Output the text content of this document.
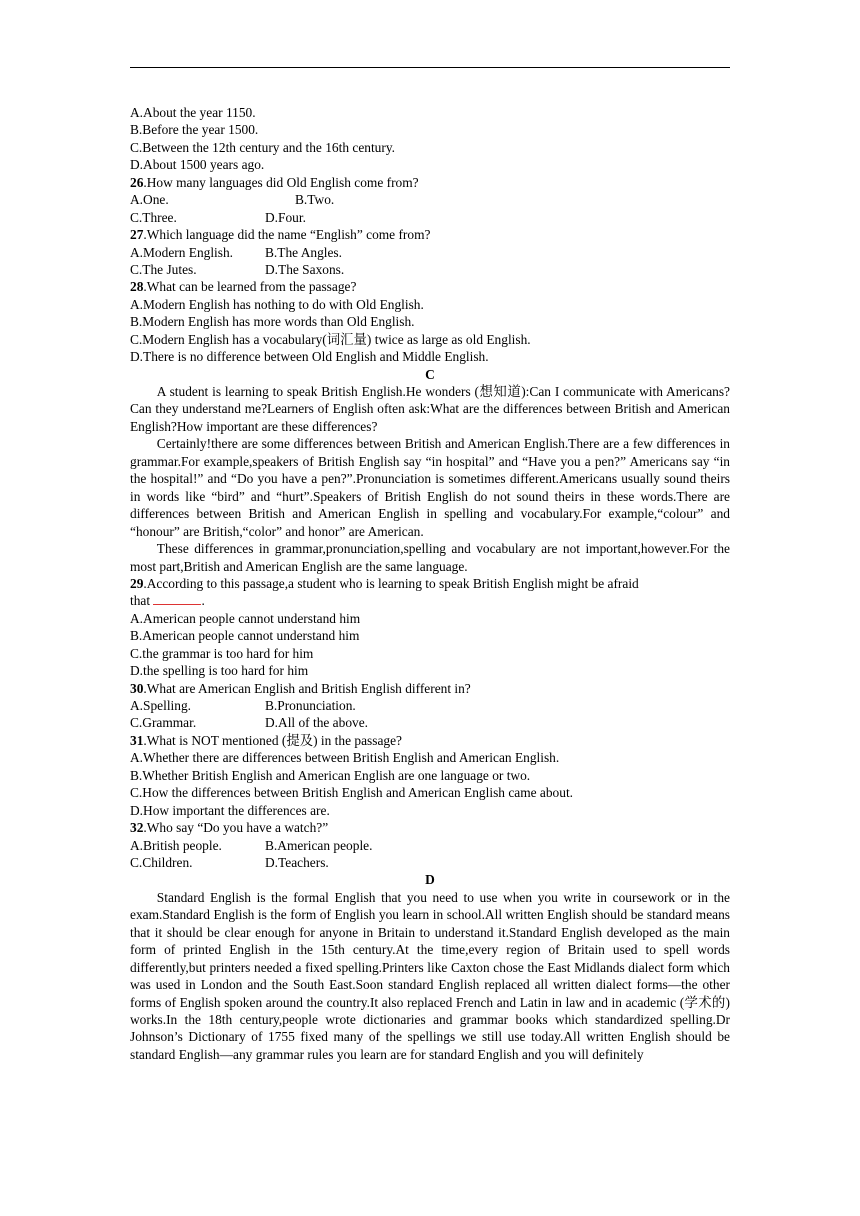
A.About the year 1150.
B.Before the year 1500.
C.Between the 12th century and the 16th century.
D.About 1500 years ago.
26.How many languages did Old English come from?
A.One.	B.Two.
C.Three.	D.Four.
27.Which language did the name “English” come from?
A.Modern English. B.The Angles.
C.The Jutes.	D.The Saxons.
28.What can be learned from the passage?
A.Modern English has nothing to do with Old English.
B.Modern English has more words than Old English.
C.Modern English has a vocabulary(词汇量) twice as large as old English.
D.There is no difference between Old English and Middle English.
C

A student is learning to speak British English.He wonders (想知道):Can I communicate with Americans?Can they understand me?Learners of English often ask:What are the differences between British and American English?How important are these differences?

Certainly!there are some differences between British and American English.There are a few differences in grammar.For example,speakers of British English say “in hospital” and “Have you a pen?” Americans say “in the hospital!” and “Do you have a pen?”.Pronunciation is sometimes different.Americans usually sound theirs in words like “bird” and “hurt”.Speakers of British English do not sound theirs in these words.There are differences between British and American English in spelling and vocabulary.For example,“colour” and “honour” are British,“color” and honor” are American.

These differences in grammar,pronunciation,spelling and vocabulary are not important,however.For the most part,British and American English are the same language.

29.According to this passage,a student who is learning to speak British English might be afraid
that	.
A.American people cannot understand him
B.American people cannot understand him
C.the grammar is too hard for him
D.the spelling is too hard for him
30.What are American English and British English different in?
A.Spelling.	B.Pronunciation.
C.Grammar.	D.All of the above.
31.What is NOT mentioned (提及) in the passage?
A.Whether there are differences between British English and American English.
B.Whether British English and American English are one language or two.
C.How the differences between British English and American English came about.
D.How important the differences are.
32.Who say “Do you have a watch?”
A.British people.	B.American people.
C.Children.	D.Teachers.
D

Standard English is the formal English that you need to use when you write in coursework or in the exam.Standard English is the form of English you learn in school.All written English should be standard means that it should be clear enough for anyone in Britain to understand it.Standard English developed as the main form of printed English in the 15th century.At the time,every region of Britain used to spell words differently,but printers needed a fixed spelling.Printers like Caxton chose the East Midlands dialect form which was used in London and the South East.Soon standard English replaced all written dialect forms—the other forms of English spoken around the country.It also replaced French and Latin in law and in academic (学术的) works.In the 18th century,people wrote dictionaries and grammar books which standardized spelling.Dr Johnson’s Dictionary of 1755 fixed many of the spellings we still use today.All written English should be standard English—any grammar rules you learn are for standard English and you will definitely
